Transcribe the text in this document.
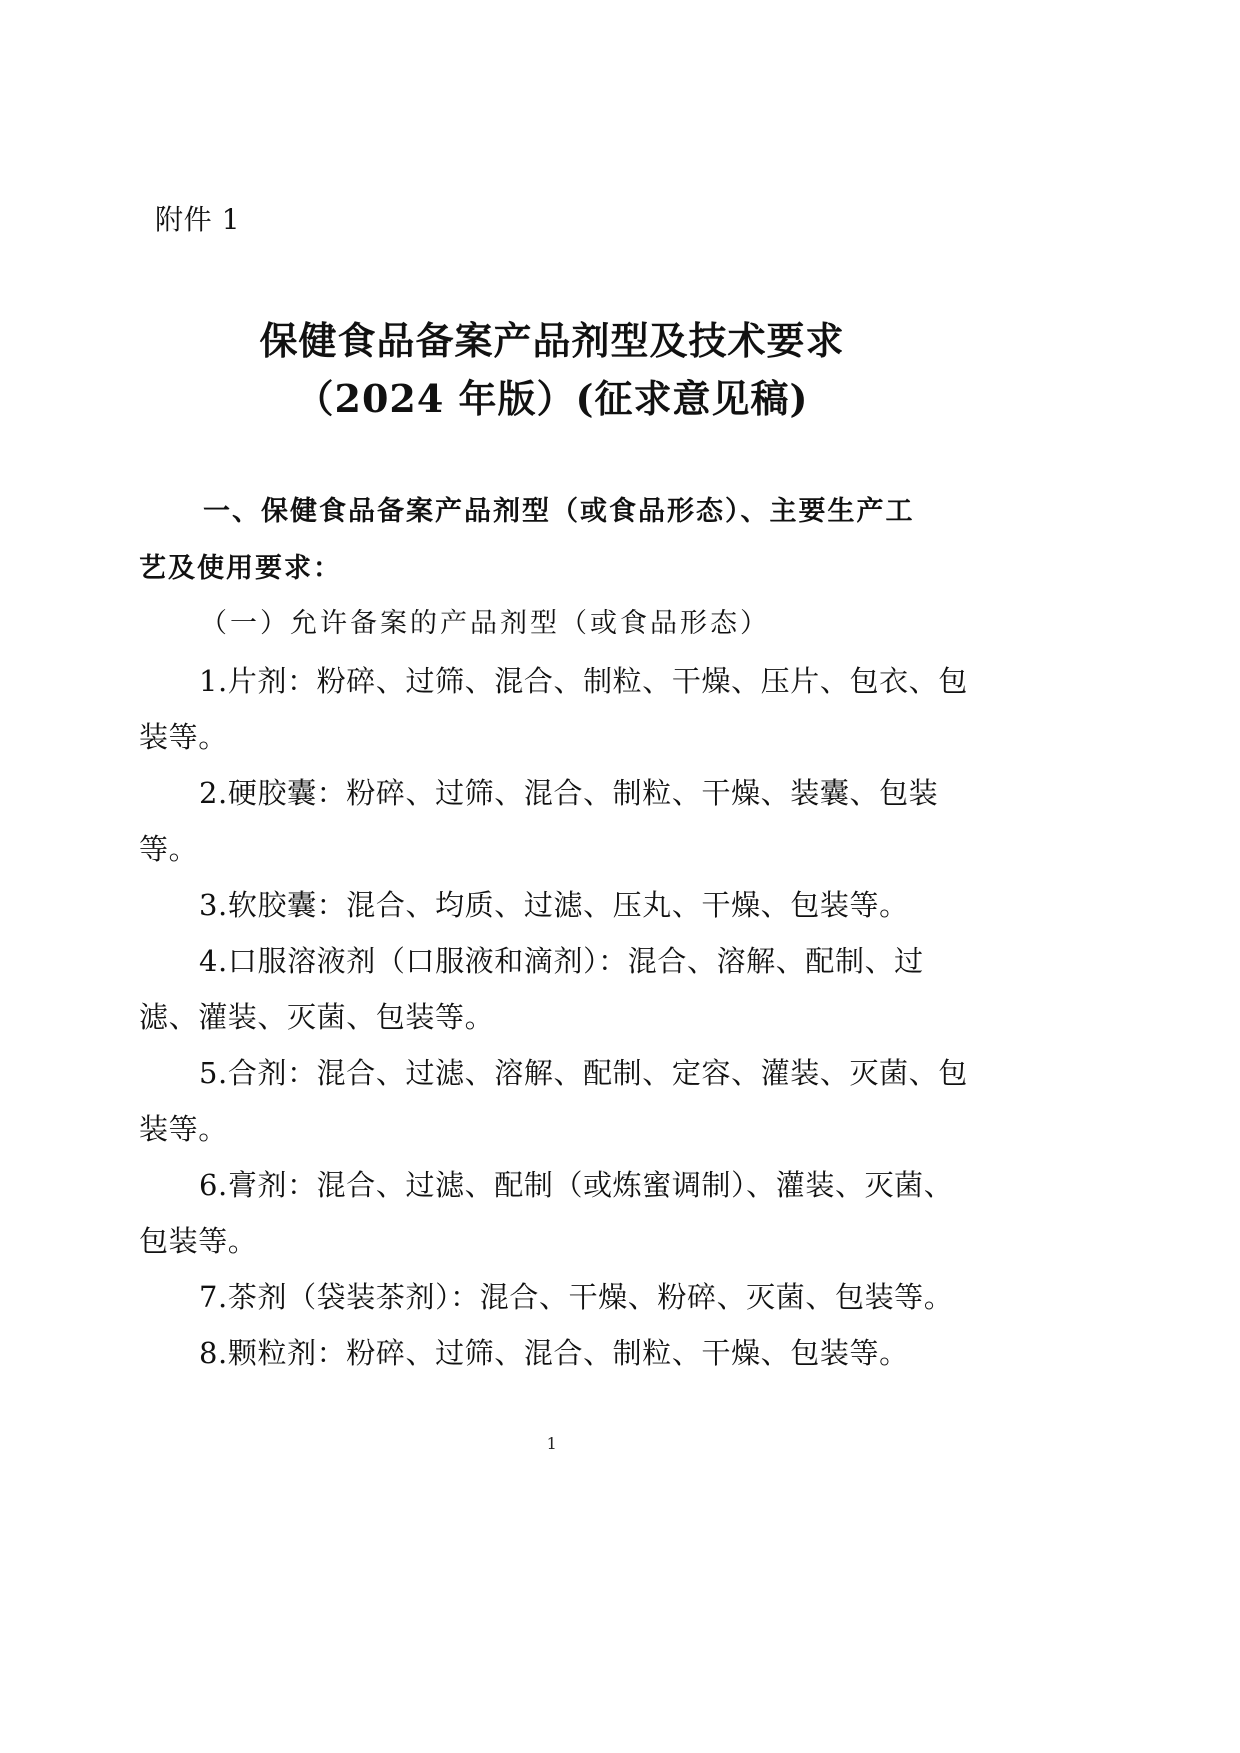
附件 1
保健食品备案产品剂型及技术要求
（2024 年版）(征求意见稿)
一、保健食品备案产品剂型（或食品形态）、主要生产工
艺及使用要求：
（一）允许备案的产品剂型（或食品形态）
1.片剂：粉碎、过筛、混合、制粒、干燥、压片、包衣、包
装等。
2.硬胶囊：粉碎、过筛、混合、制粒、干燥、装囊、包装
等。
3.软胶囊：混合、均质、过滤、压丸、干燥、包装等。
4.口服溶液剂（口服液和滴剂）：混合、溶解、配制、过
滤、灌装、灭菌、包装等。
5.合剂：混合、过滤、溶解、配制、定容、灌装、灭菌、包
装等。
6.膏剂：混合、过滤、配制（或炼蜜调制）、灌装、灭菌、
包装等。
7.茶剂（袋装茶剂）：混合、干燥、粉碎、灭菌、包装等。
8.颗粒剂：粉碎、过筛、混合、制粒、干燥、包装等。
1
